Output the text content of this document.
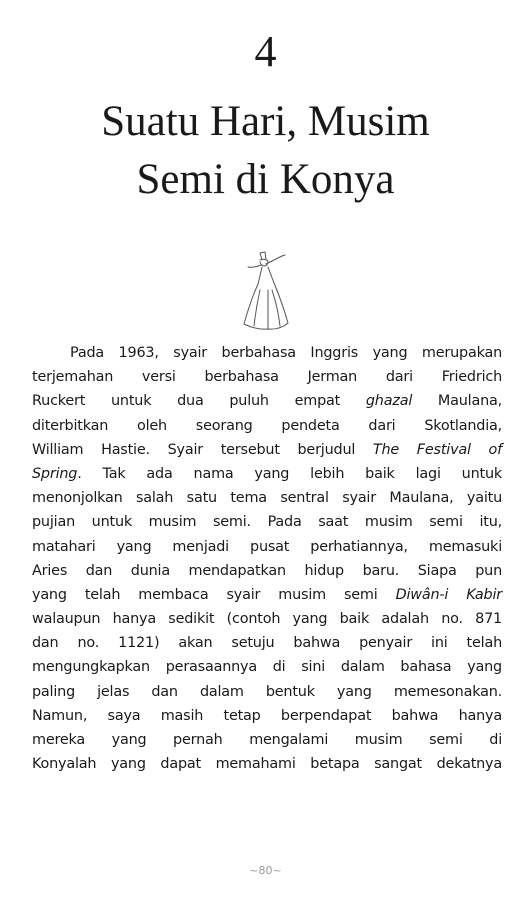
4
Suatu Hari, Musim
Semi di Konya
Pada 1963, syair berbahasa Inggris yang merupakan
terjemahan versi berbahasa Jerman dari Friedrich
Ruckert untuk dua puluh empat ghazal Maulana,
diterbitkan oleh seorang pendeta dari Skotlandia,
William Hastie. Syair tersebut berjudul The Festival of
Spring. Tak ada nama yang lebih baik lagi untuk
menonjolkan salah satu tema sentral syair Maulana, yaitu
pujian untuk musim semi. Pada saat musim semi itu,
matahari yang menjadi pusat perhatiannya, memasuki
Aries dan dunia mendapatkan hidup baru. Siapa pun
yang telah membaca syair musim semi Diwân-i Kabir
walaupun hanya sedikit (contoh yang baik adalah no. 871
dan no. 1121) akan setuju bahwa penyair ini telah
mengungkapkan perasaannya di sini dalam bahasa yang
paling jelas dan dalam bentuk yang memesonakan.
Namun, saya masih tetap berpendapat bahwa hanya
mereka yang pernah mengalami musim semi di
Konyalah yang dapat memahami betapa sangat dekatnya
~80~
